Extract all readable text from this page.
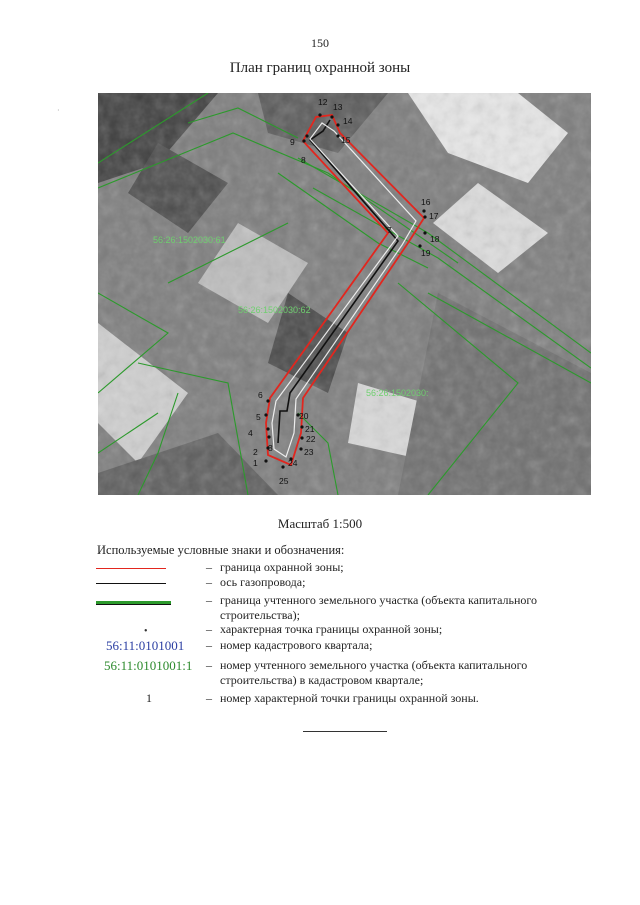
·
150
План границ охранной зоны
1
2 3
4
5
6
8
9
12 13
14
15
16
17
18
19
20
21
22
23
24
25
7
56:26:1502030:61
56:26:1502030:62
56:26:1502030:
Масштаб 1:500
Используемые условные знаки и обозначения:
– граница охранной зоны;
– ось газопровода;
– граница учтенного земельного участка (объекта капитального строительства);
•	– характерная точка границы охранной зоны;
56:11:0101001 – номер кадастрового квартала;
56:11:0101001:1 – номер учтенного земельного участка (объекта капитального строительства) в кадастровом квартале;
1	– номер характерной точки границы охранной зоны.
